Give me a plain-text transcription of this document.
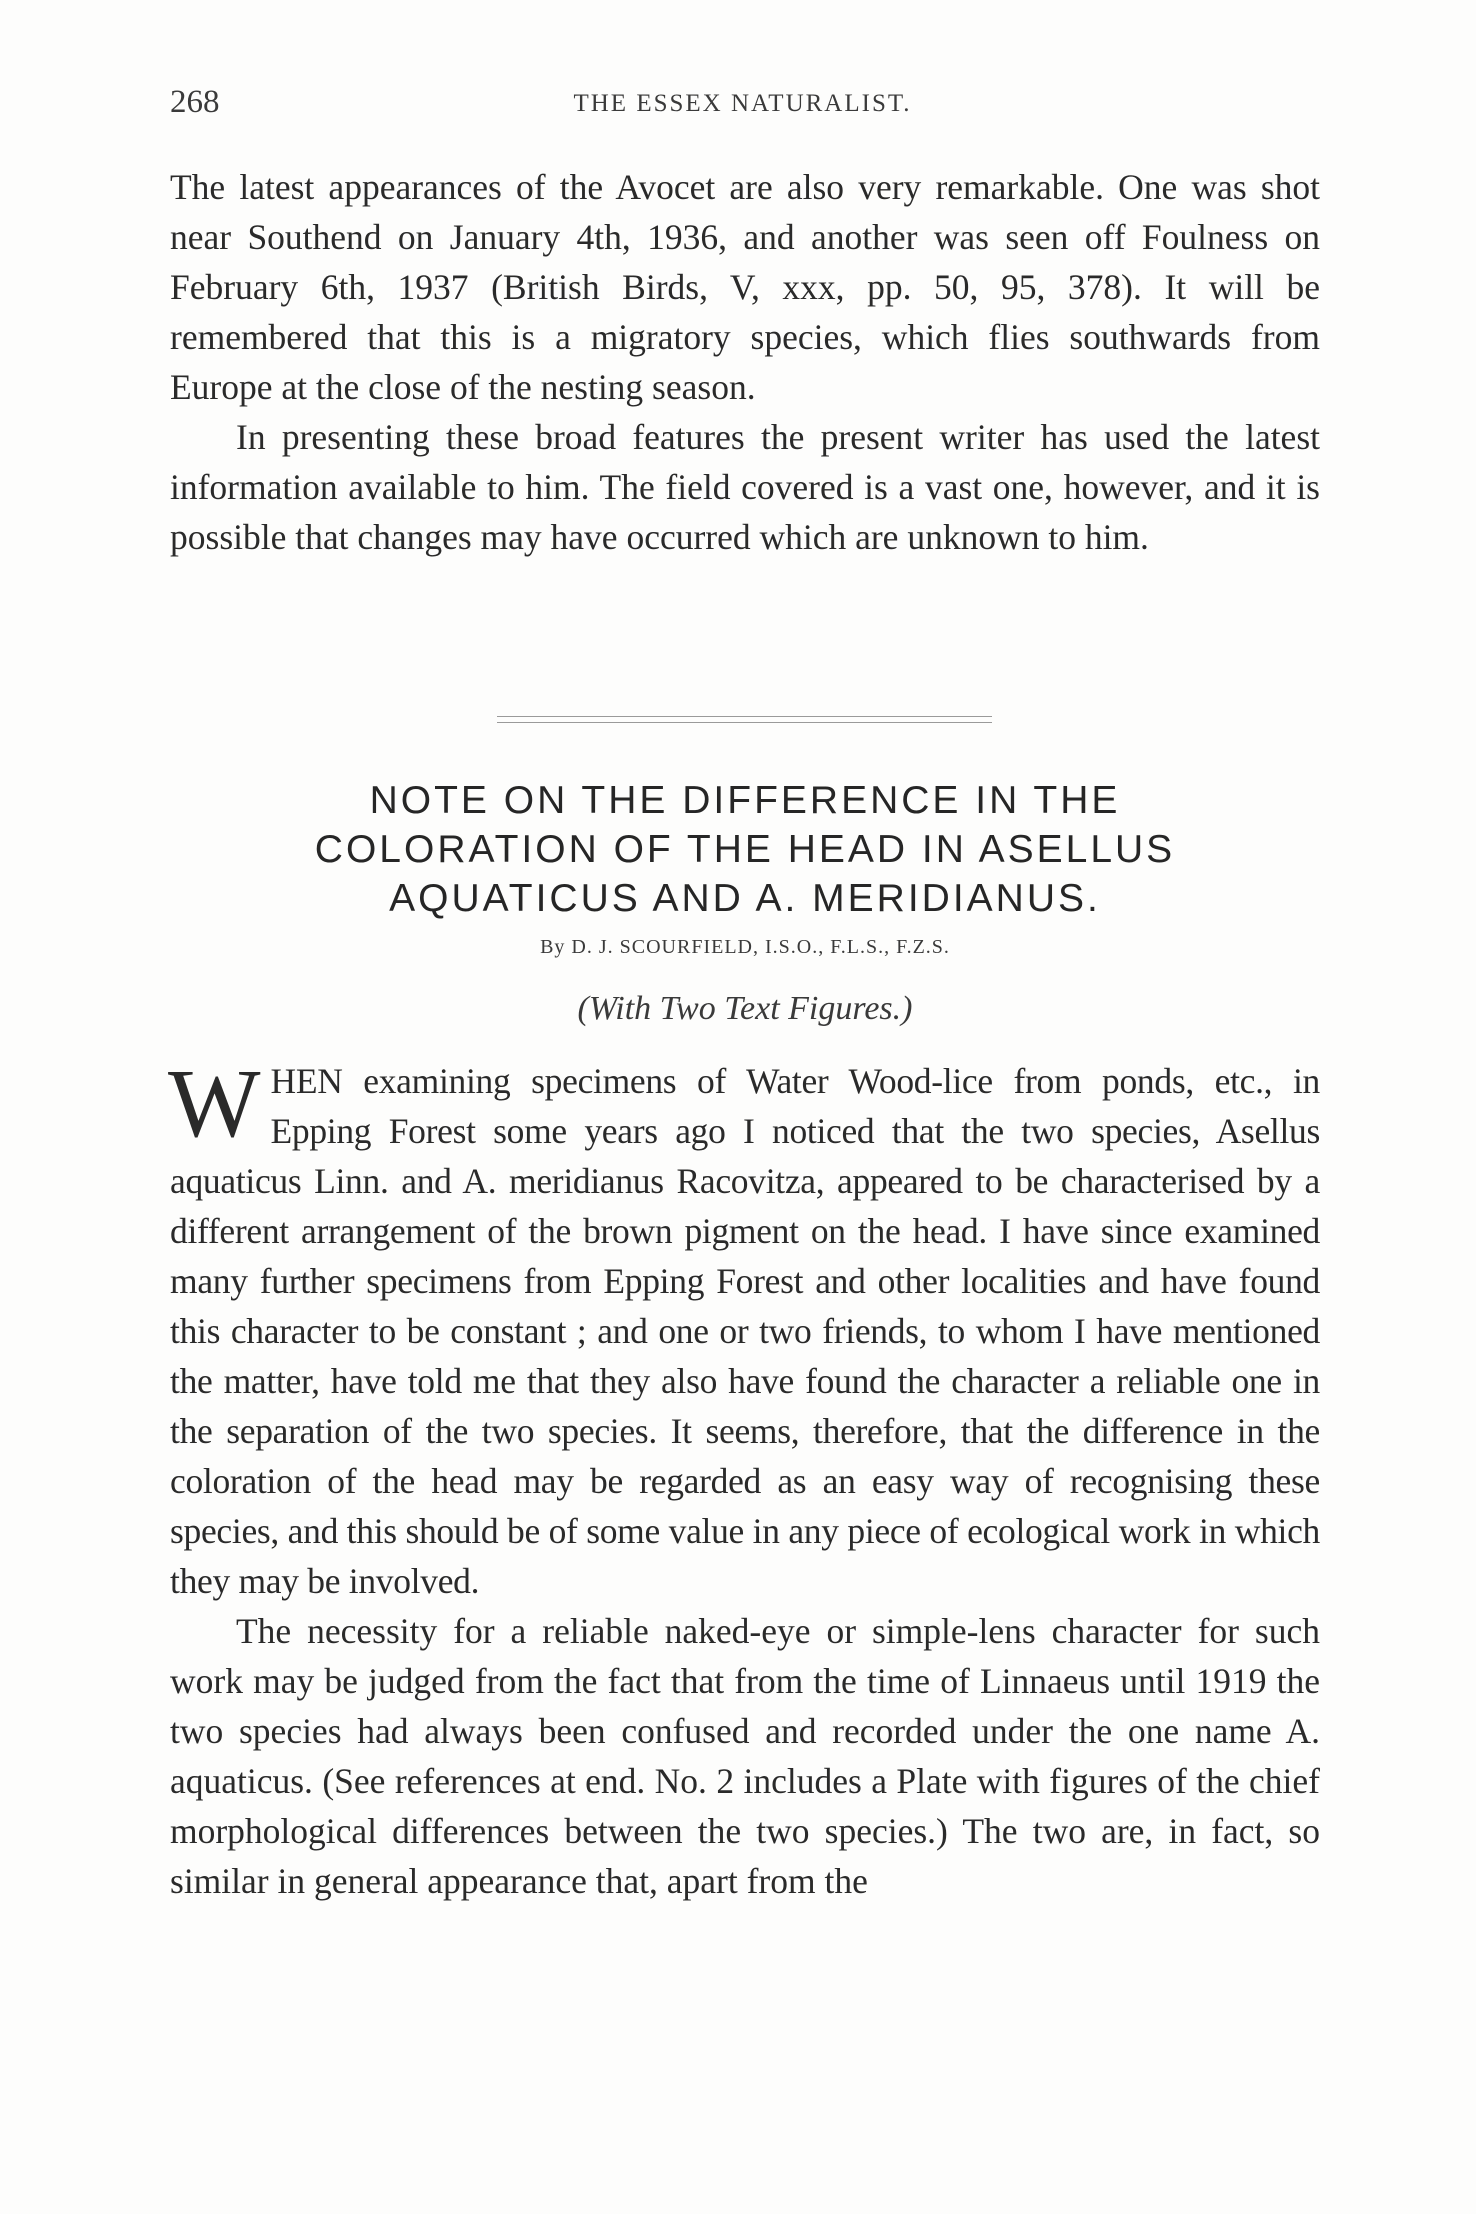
268	THE ESSEX NATURALIST.

The latest appearances of the Avocet are also very remarkable. One was shot near Southend on January 4th, 1936, and another was seen off Foulness on February 6th, 1937 (British Birds, V, xxx, pp. 50, 95, 378). It will be remembered that this is a migratory species, which flies southwards from Europe at the close of the nesting season.

In presenting these broad features the present writer has used the latest information available to him. The field covered is a vast one, however, and it is possible that changes may have occurred which are unknown to him.

NOTE ON THE DIFFERENCE IN THE
COLORATION OF THE HEAD IN ASELLUS
AQUATICUS AND A. MERIDIANUS.
By D. J. SCOURFIELD, I.S.O., F.L.S., F.Z.S.
(With Two Text Figures.)

WHEN examining specimens of Water Wood-lice from ponds, etc., in Epping Forest some years ago I noticed that the two species, Asellus aquaticus Linn. and A. meridianus Racovitza, appeared to be characterised by a different arrangement of the brown pigment on the head. I have since examined many further specimens from Epping Forest and other localities and have found this character to be constant ; and one or two friends, to whom I have mentioned the matter, have told me that they also have found the character a reliable one in the separation of the two species. It seems, therefore, that the difference in the coloration of the head may be regarded as an easy way of recognising these species, and this should be of some value in any piece of ecological work in which they may be involved.

The necessity for a reliable naked-eye or simple-lens character for such work may be judged from the fact that from the time of Linnaeus until 1919 the two species had always been confused and recorded under the one name A. aquaticus. (See references at end. No. 2 includes a Plate with figures of the chief morphological differences between the two species.) The two are, in fact, so similar in general appearance that, apart from the
